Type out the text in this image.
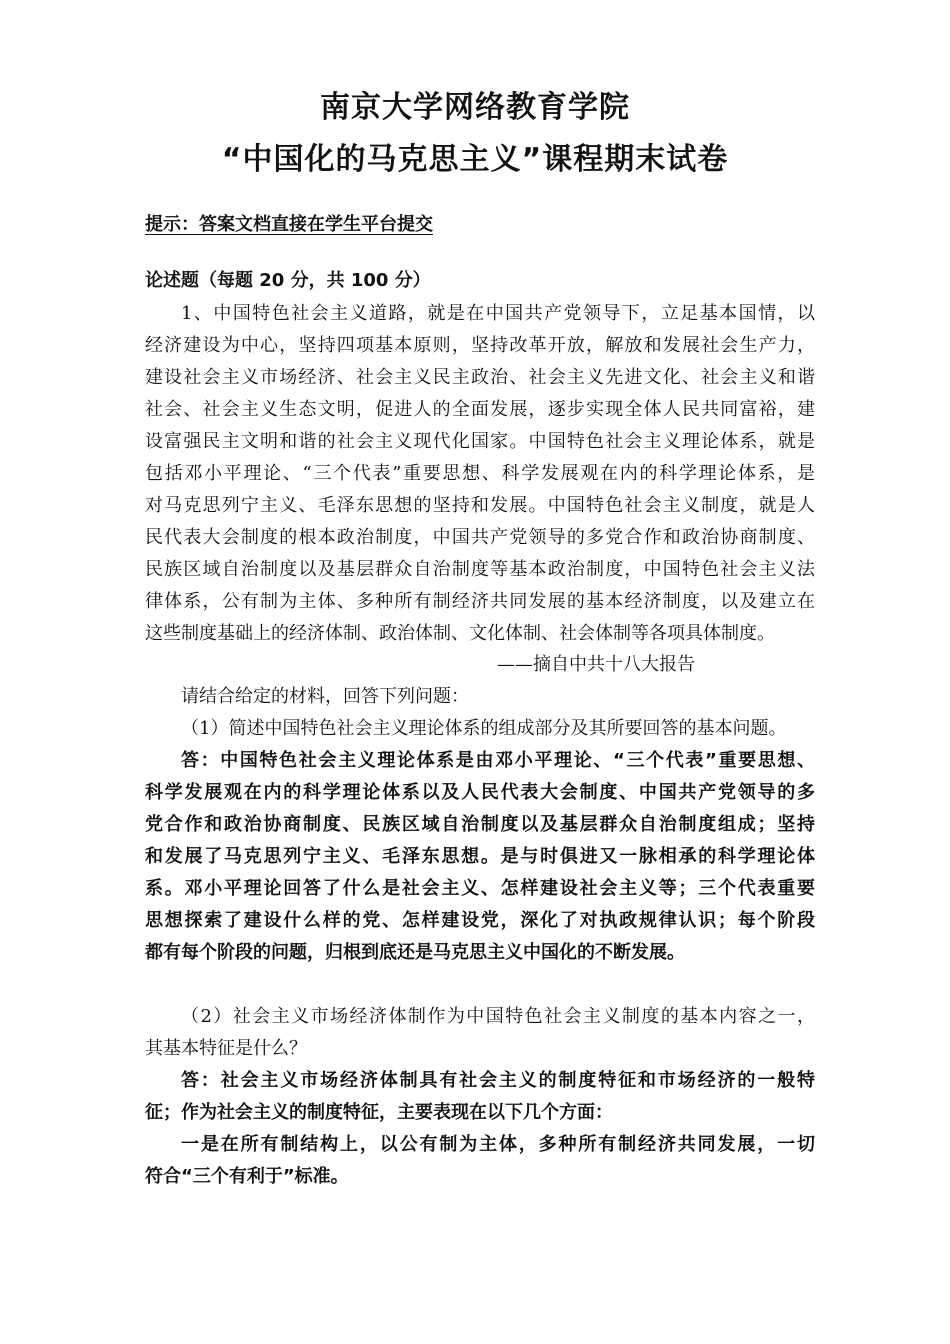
南京大学网络教育学院
“中国化的马克思主义”课程期末试卷
提示：答案文档直接在学生平台提交
论述题（每题 20 分，共 100 分）
1、中国特色社会主义道路，就是在中国共产党领导下，立足基本国情，以
经济建设为中心，坚持四项基本原则，坚持改革开放，解放和发展社会生产力，
建设社会主义市场经济、社会主义民主政治、社会主义先进文化、社会主义和谐
社会、社会主义生态文明，促进人的全面发展，逐步实现全体人民共同富裕，建
设富强民主文明和谐的社会主义现代化国家。中国特色社会主义理论体系，就是
包括邓小平理论、“三个代表”重要思想、科学发展观在内的科学理论体系，是
对马克思列宁主义、毛泽东思想的坚持和发展。中国特色社会主义制度，就是人
民代表大会制度的根本政治制度，中国共产党领导的多党合作和政治协商制度、
民族区域自治制度以及基层群众自治制度等基本政治制度，中国特色社会主义法
律体系，公有制为主体、多种所有制经济共同发展的基本经济制度，以及建立在
这些制度基础上的经济体制、政治体制、文化体制、社会体制等各项具体制度。
——摘自中共十八大报告
请结合给定的材料，回答下列问题：
（1）简述中国特色社会主义理论体系的组成部分及其所要回答的基本问题。
答：中国特色社会主义理论体系是由邓小平理论、“三个代表”重要思想、
科学发展观在内的科学理论体系以及人民代表大会制度、中国共产党领导的多
党合作和政治协商制度、民族区域自治制度以及基层群众自治制度组成；坚持
和发展了马克思列宁主义、毛泽东思想。是与时俱进又一脉相承的科学理论体
系。邓小平理论回答了什么是社会主义、怎样建设社会主义等；三个代表重要
思想探索了建设什么样的党、怎样建设党，深化了对执政规律认识；每个阶段
都有每个阶段的问题，归根到底还是马克思主义中国化的不断发展。
（2）社会主义市场经济体制作为中国特色社会主义制度的基本内容之一，
其基本特征是什么？
答：社会主义市场经济体制具有社会主义的制度特征和市场经济的一般特
征；作为社会主义的制度特征，主要表现在以下几个方面：
一是在所有制结构上，以公有制为主体，多种所有制经济共同发展，一切
符合“三个有利于”标准。
